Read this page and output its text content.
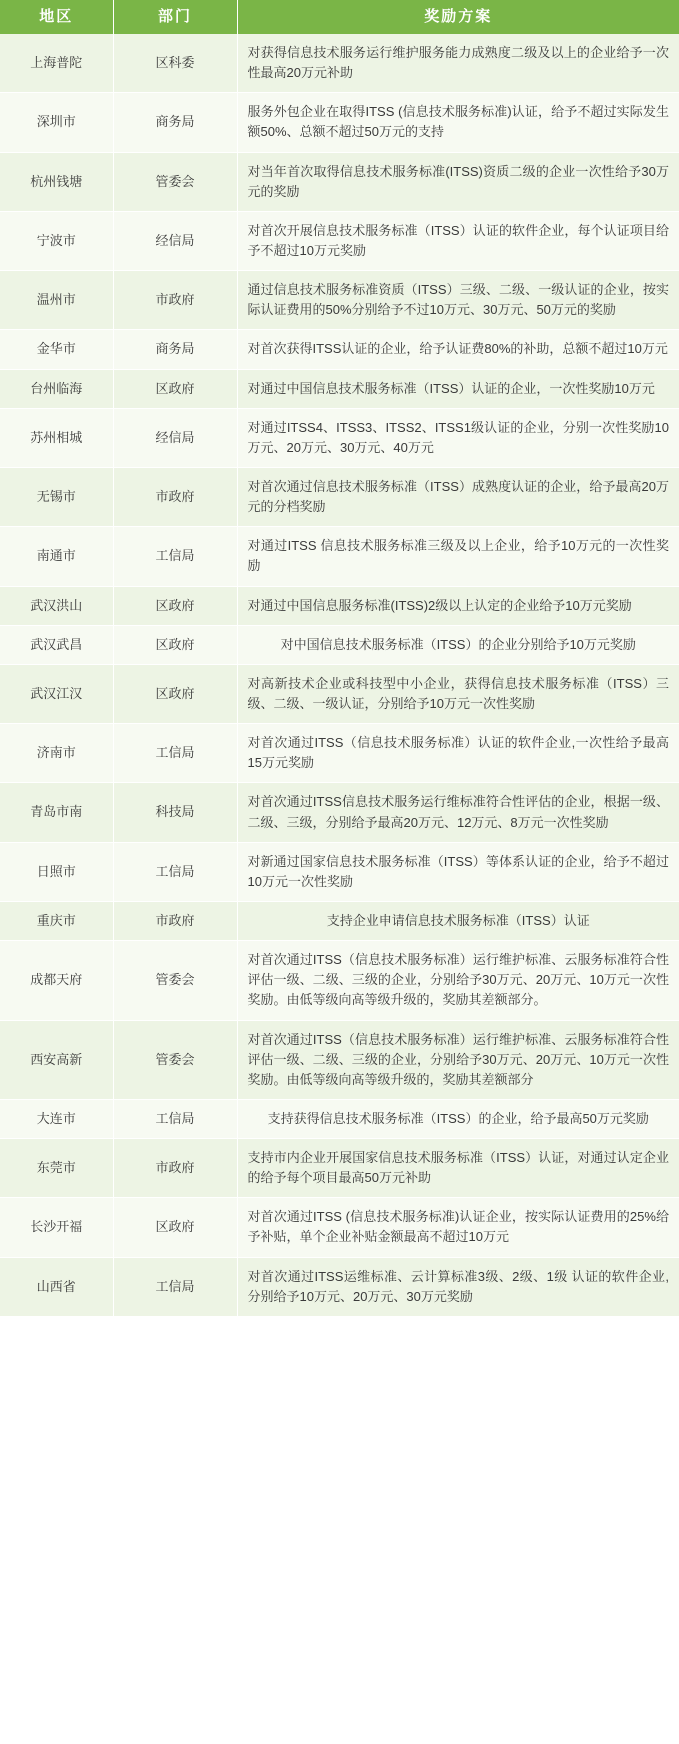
地区	部门	奖励方案
上海普陀	区科委	对获得信息技术服务运行维护服务能力成熟度二级及以上的企业给予一次性最高20万元补助
深圳市	商务局	服务外包企业在取得ITSS (信息技术服务标准)认证，给予不超过实际发生额50%、总额不超过50万元的支持
杭州钱塘	管委会	对当年首次取得信息技术服务标准(ITSS)资质二级的企业一次性给予30万元的奖励
宁波市	经信局	对首次开展信息技术服务标准（ITSS）认证的软件企业，每个认证项目给予不超过10万元奖励
温州市	市政府	通过信息技术服务标准资质（ITSS）三级、二级、一级认证的企业，按实际认证费用的50%分别给予不过10万元、30万元、50万元的奖励
金华市	商务局	对首次获得ITSS认证的企业，给予认证费80%的补助，总额不超过10万元
台州临海	区政府	对通过中国信息技术服务标准（ITSS）认证的企业，一次性奖励10万元
苏州相城	经信局	对通过ITSS4、ITSS3、ITSS2、ITSS1级认证的企业，分别一次性奖励10万元、20万元、30万元、40万元
无锡市	市政府	对首次通过信息技术服务标准（ITSS）成熟度认证的企业，给予最高20万元的分档奖励
南通市	工信局	对通过ITSS 信息技术服务标准三级及以上企业，给予10万元的一次性奖励
武汉洪山	区政府	对通过中国信息服务标准(ITSS)2级以上认定的企业给予10万元奖励
武汉武昌	区政府	对中国信息技术服务标准（ITSS）的企业分别给予10万元奖励
武汉江汉	区政府	对高新技术企业或科技型中小企业，获得信息技术服务标准（ITSS）三级、二级、一级认证，分别给予10万元一次性奖励
济南市	工信局	对首次通过ITSS（信息技术服务标准）认证的软件企业,一次性给予最高15万元奖励
青岛市南	科技局	对首次通过ITSS信息技术服务运行维标准符合性评估的企业，根据一级、二级、三级，分别给予最高20万元、12万元、8万元一次性奖励
日照市	工信局	对新通过国家信息技术服务标准（ITSS）等体系认证的企业，给予不超过10万元一次性奖励
重庆市	市政府	支持企业申请信息技术服务标准（ITSS）认证
成都天府	管委会	对首次通过ITSS（信息技术服务标准）运行维护标准、云服务标准符合性评估一级、二级、三级的企业，分别给予30万元、20万元、10万元一次性奖励。由低等级向高等级升级的，奖励其差额部分。
西安高新	管委会	对首次通过ITSS（信息技术服务标准）运行维护标准、云服务标准符合性评估一级、二级、三级的企业，分别给予30万元、20万元、10万元一次性奖励。由低等级向高等级升级的，奖励其差额部分
大连市	工信局	支持获得信息技术服务标准（ITSS）的企业，给予最高50万元奖励
东莞市	市政府	支持市内企业开展国家信息技术服务标准（ITSS）认证，对通过认定企业的给予每个项目最高50万元补助
长沙开福	区政府	对首次通过ITSS (信息技术服务标准)认证企业，按实际认证费用的25%给予补贴，单个企业补贴金额最高不超过10万元
山西省	工信局	对首次通过ITSS运维标准、云计算标准3级、2级、1级 认证的软件企业,分别给予10万元、20万元、30万元奖励
